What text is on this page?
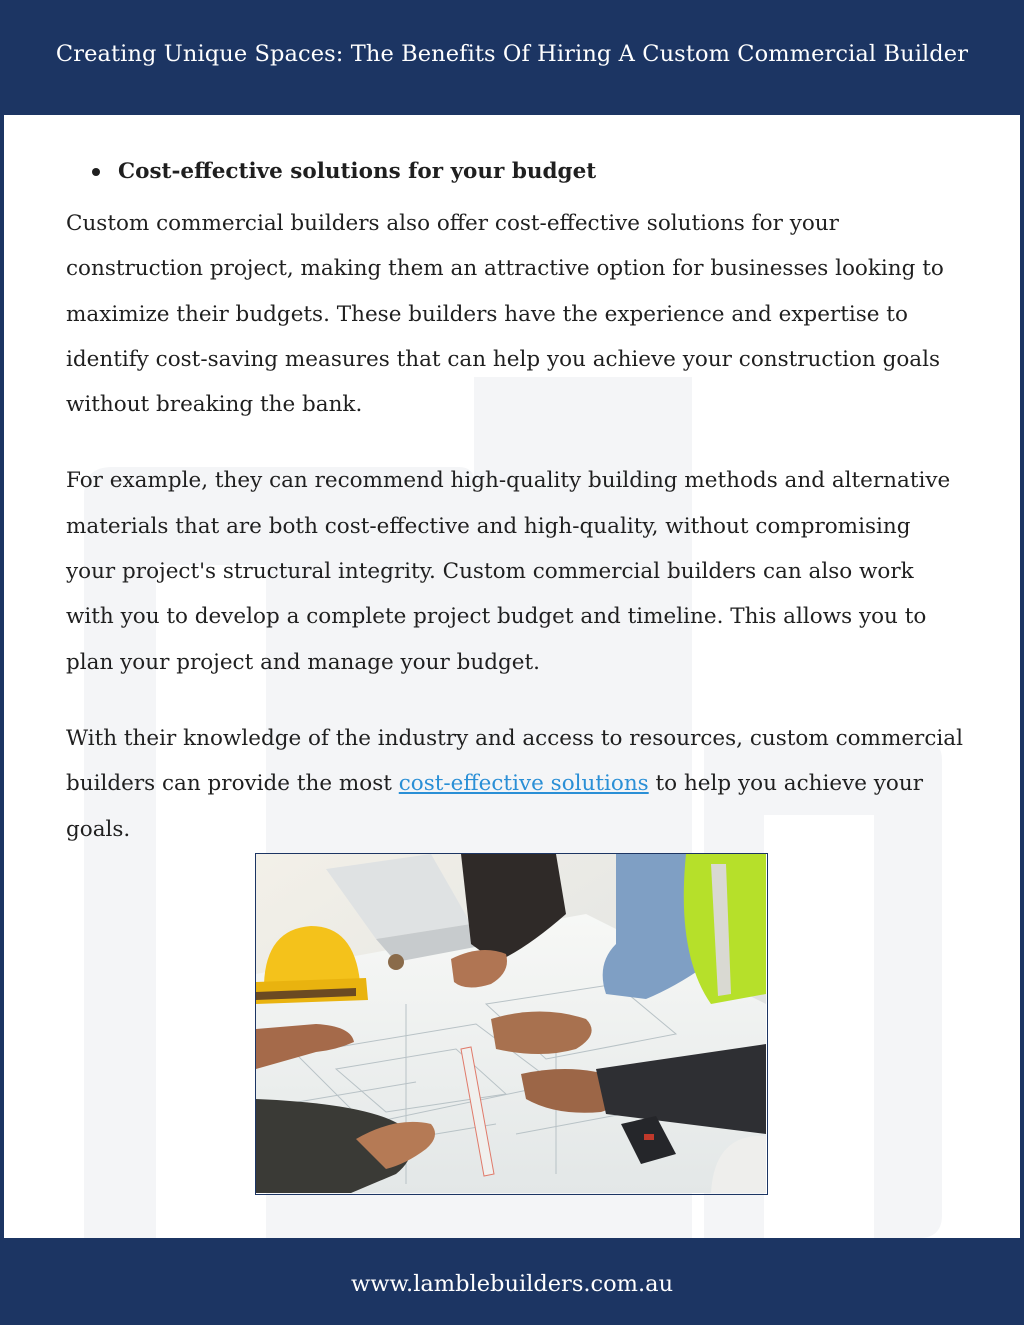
Creating Unique Spaces: The Benefits Of Hiring A Custom Commercial Builder
Cost-effective solutions for your budget

Custom commercial builders also offer cost-effective solutions for your construction project, making them an attractive option for businesses looking to maximize their budgets. These builders have the experience and expertise to identify cost-saving measures that can help you achieve your construction goals without breaking the bank.

For example, they can recommend high-quality building methods and alternative materials that are both cost-effective and high-quality, without compromising your project's structural integrity. Custom commercial builders can also work with you to develop a complete project budget and timeline. This allows you to plan your project and manage your budget.

With their knowledge of the industry and access to resources, custom commercial builders can provide the most cost-effective solutions to help you achieve your goals.

www.lamblebuilders.com.au
